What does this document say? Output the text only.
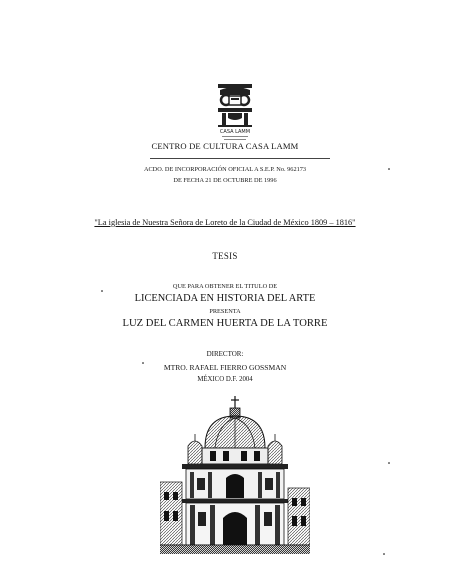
CASA LAMM
CENTRO DE CULTURA CASA LAMM
ACDO. DE INCORPORACIÓN OFICIAL A S.E.P. No. 962173
DE FECHA 21 DE OCTUBRE DE 1996
"La iglesia de Nuestra Señora de Loreto de la Ciudad de México 1809 – 1816"
TESIS
QUE PARA OBTENER EL TITULO DE
LICENCIADA EN HISTORIA DEL ARTE
PRESENTA
LUZ DEL CARMEN HUERTA DE LA TORRE
DIRECTOR:
MTRO. RAFAEL FIERRO GOSSMAN
MÉXICO D.F. 2004
